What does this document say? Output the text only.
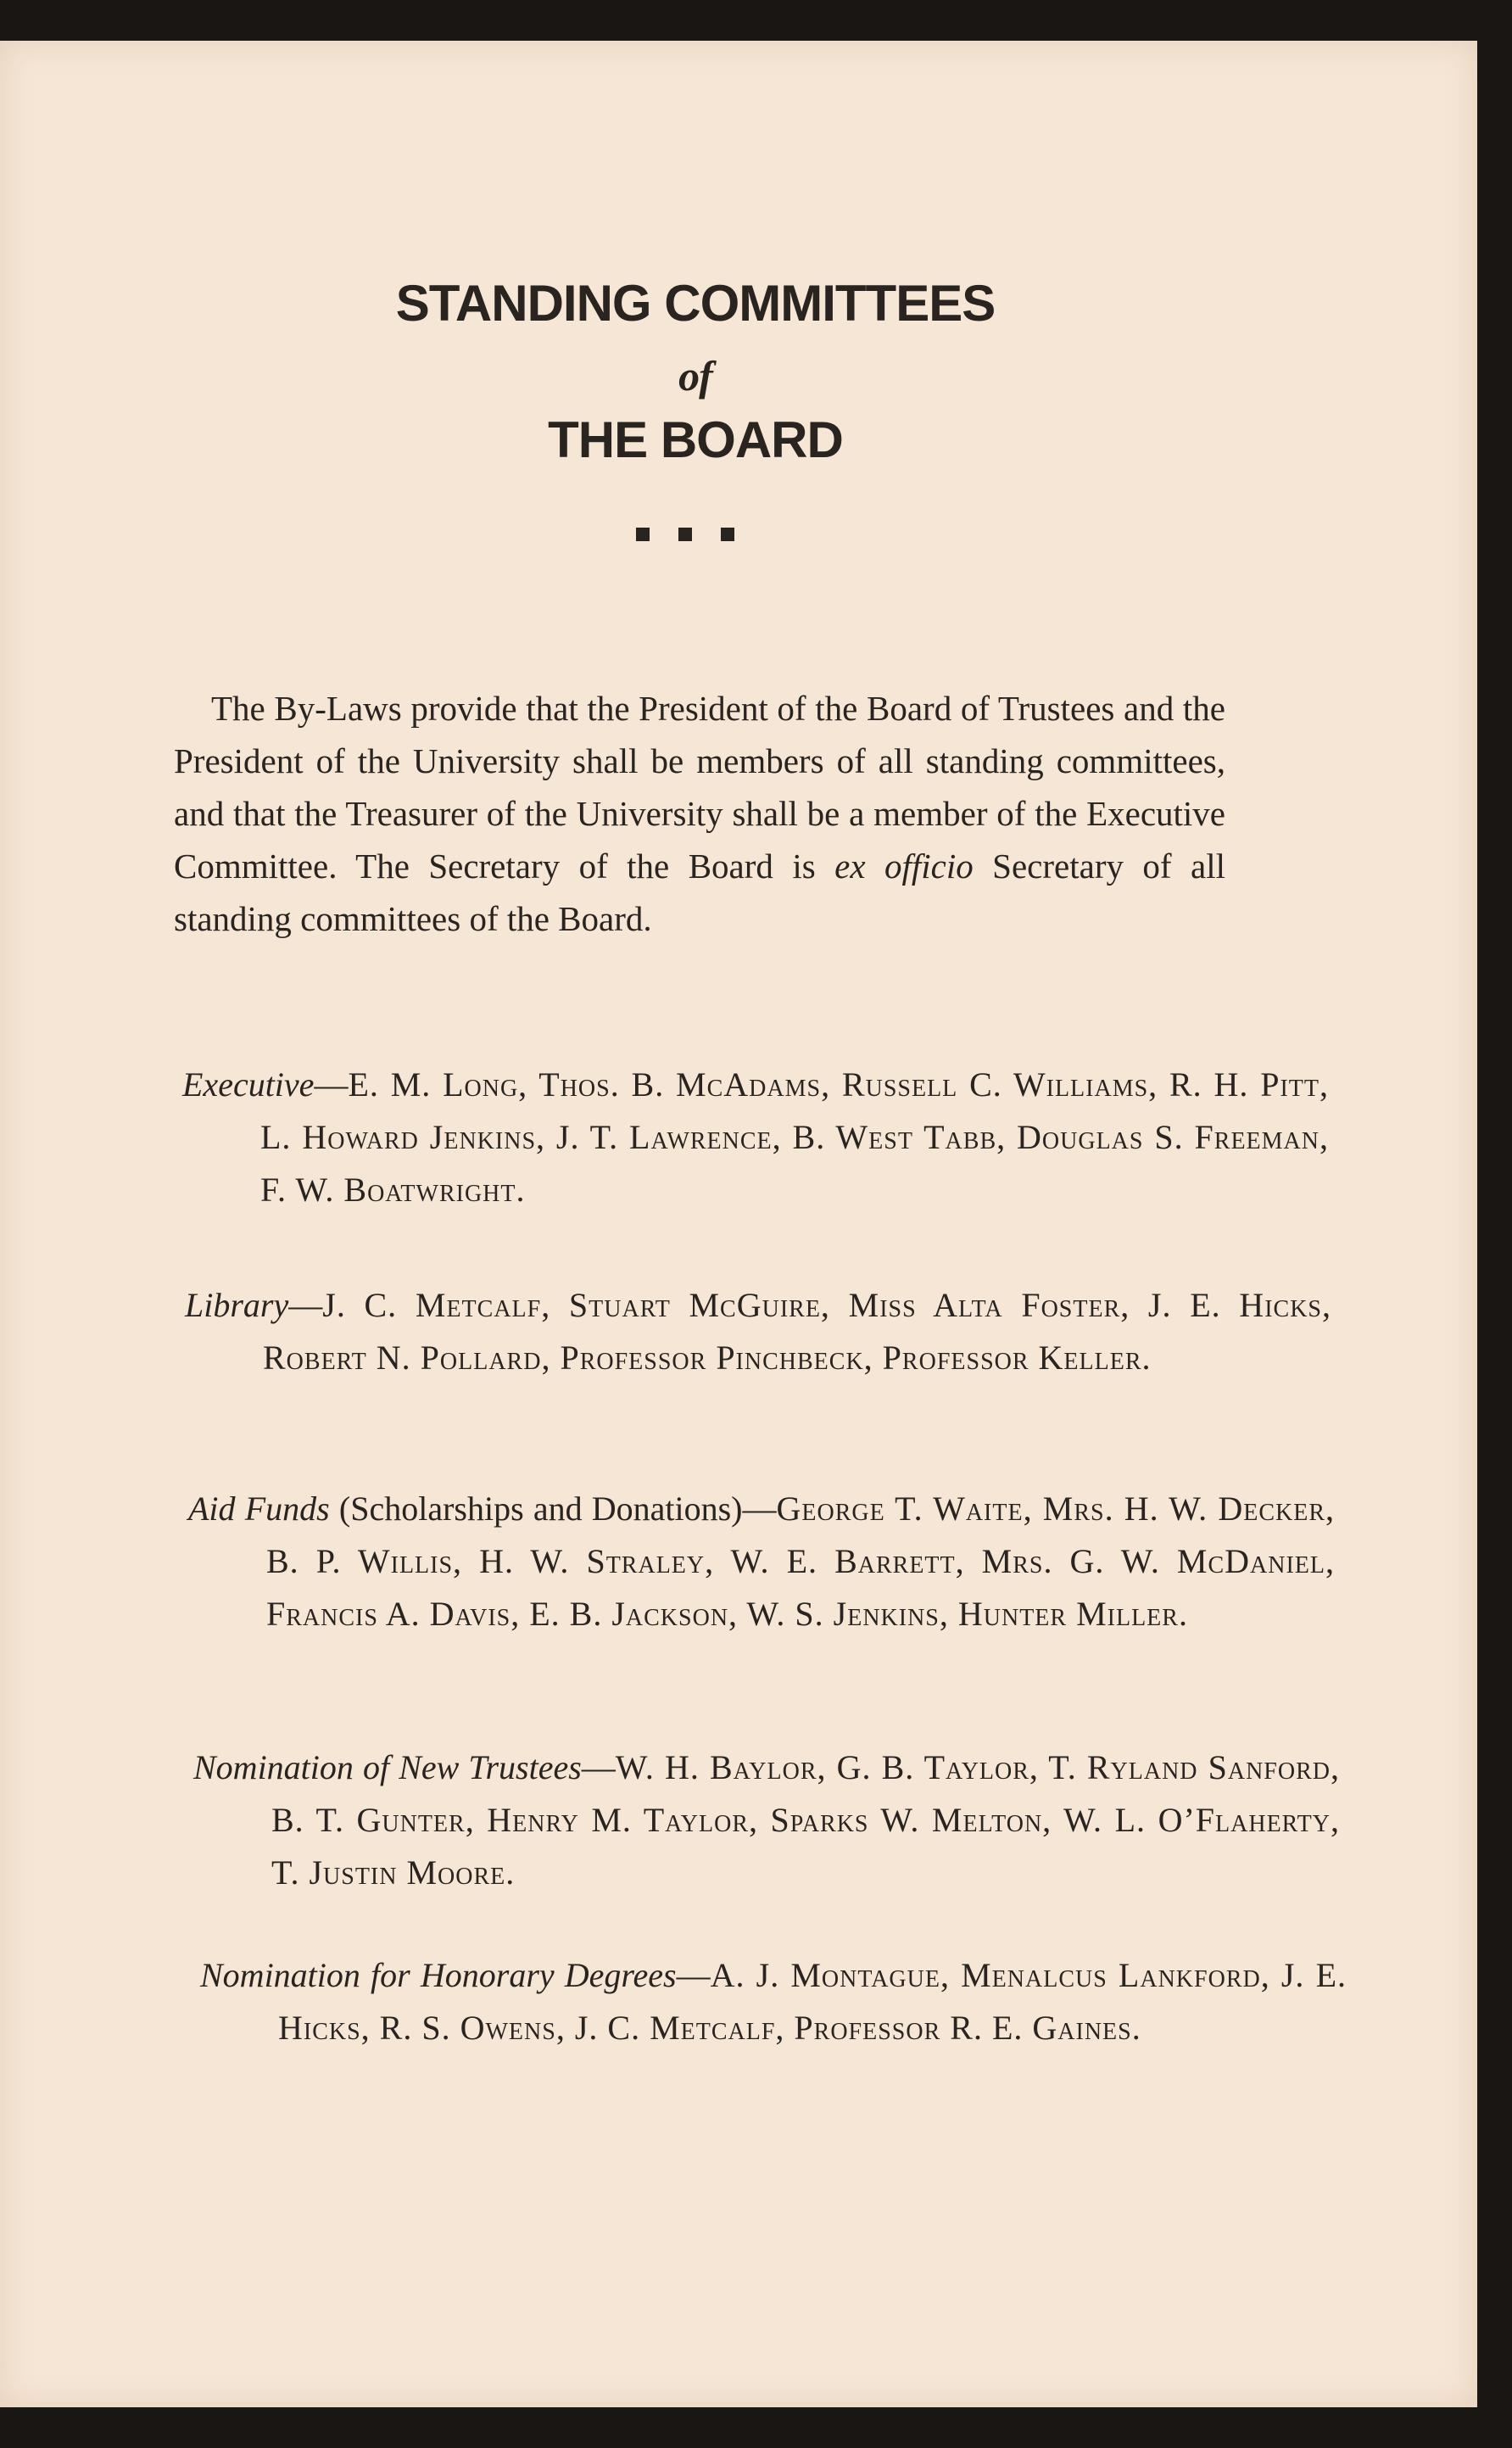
STANDING COMMITTEES
of
THE BOARD

The By-Laws provide that the President of the Board of Trustees and the President of the University shall be members of all standing committees, and that the Treasurer of the University shall be a member of the Executive Committee. The Secretary of the Board is ex officio Secretary of all standing committees of the Board.

Executive—E. M. Long, Thos. B. McAdams, Russell C. Williams, R. H. Pitt, L. Howard Jenkins, J. T. Lawrence, B. West Tabb, Douglas S. Freeman, F. W. Boatwright.

Library—J. C. Metcalf, Stuart McGuire, Miss Alta Foster, J. E. Hicks, Robert N. Pollard, Professor Pinchbeck, Professor Keller.

Aid Funds (Scholarships and Donations)—George T. Waite, Mrs. H. W. Decker, B. P. Willis, H. W. Straley, W. E. Barrett, Mrs. G. W. McDaniel, Francis A. Davis, E. B. Jackson, W. S. Jenkins, Hunter Miller.

Nomination of New Trustees—W. H. Baylor, G. B. Taylor, T. Ryland Sanford, B. T. Gunter, Henry M. Taylor, Sparks W. Melton, W. L. O’Flaherty, T. Justin Moore.

Nomination for Honorary Degrees—A. J. Montague, Menalcus Lankford, J. E. Hicks, R. S. Owens, J. C. Metcalf, Professor R. E. Gaines.
